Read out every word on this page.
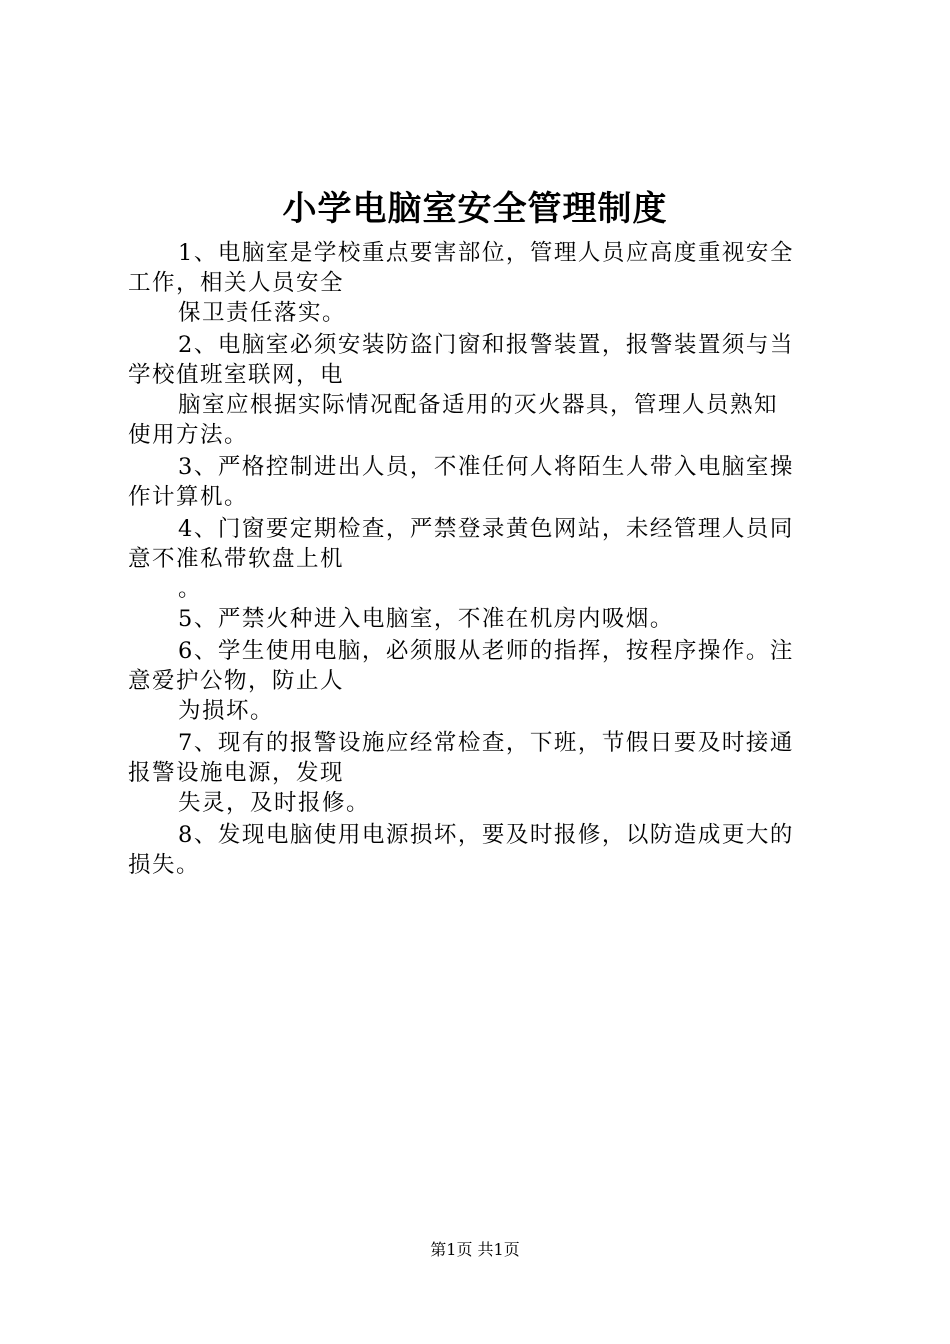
小学电脑室安全管理制度
1、电脑室是学校重点要害部位，管理人员应高度重视安全
工作，相关人员安全
保卫责任落实。
2、电脑室必须安装防盗门窗和报警装置，报警装置须与当
学校值班室联网，电
脑室应根据实际情况配备适用的灭火器具，管理人员熟知
使用方法。
3、严格控制进出人员，不准任何人将陌生人带入电脑室操
作计算机。
4、门窗要定期检查，严禁登录黄色网站，未经管理人员同
意不准私带软盘上机
。
5、严禁火种进入电脑室，不准在机房内吸烟。
6、学生使用电脑，必须服从老师的指挥，按程序操作。注
意爱护公物，防止人
为损坏。
7、现有的报警设施应经常检查，下班，节假日要及时接通
报警设施电源，发现
失灵，及时报修。
8、发现电脑使用电源损坏，要及时报修，以防造成更大的
损失。
第1页 共1页
